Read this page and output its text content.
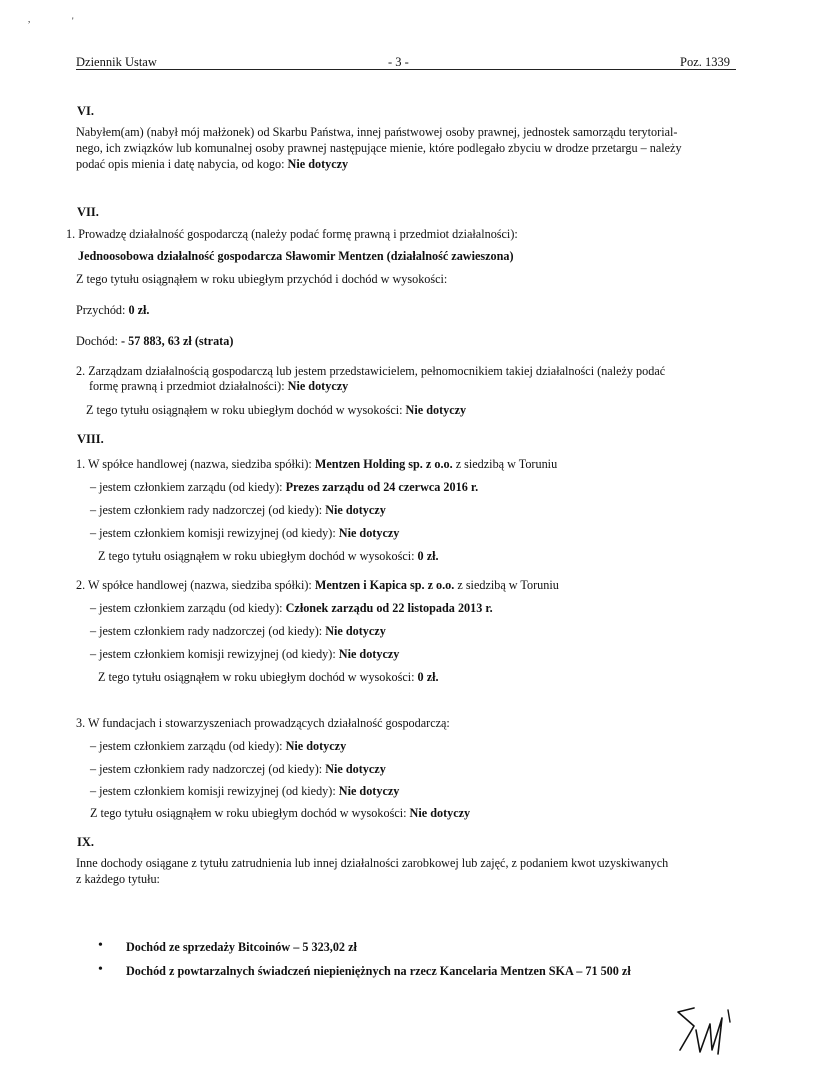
,	'
Dziennik Ustaw	- 3 -	Poz. 1339
VI.
Nabyłem(am) (nabył mój małżonek) od Skarbu Państwa, innej państwowej osoby prawnej, jednostek samorządu terytorial-
nego, ich związków lub komunalnej osoby prawnej następujące mienie, które podlegało zbyciu w drodze przetargu – należy
podać opis mienia i datę nabycia, od kogo: Nie dotyczy
VII.
1. Prowadzę działalność gospodarczą (należy podać formę prawną i przedmiot działalności):
Jednoosobowa działalność gospodarcza Sławomir Mentzen (działalność zawieszona)
Z tego tytułu osiągnąłem w roku ubiegłym przychód i dochód w wysokości:
Przychód: 0 zł.
Dochód: - 57 883, 63 zł (strata)
2. Zarządzam działalnością gospodarczą lub jestem przedstawicielem, pełnomocnikiem takiej działalności (należy podać
formę prawną i przedmiot działalności): Nie dotyczy
Z tego tytułu osiągnąłem w roku ubiegłym dochód w wysokości: Nie dotyczy
VIII.
1. W spółce handlowej (nazwa, siedziba spółki): Mentzen Holding sp. z o.o. z siedzibą w Toruniu
– jestem członkiem zarządu (od kiedy): Prezes zarządu od 24 czerwca 2016 r.
– jestem członkiem rady nadzorczej (od kiedy): Nie dotyczy
– jestem członkiem komisji rewizyjnej (od kiedy): Nie dotyczy
Z tego tytułu osiągnąłem w roku ubiegłym dochód w wysokości: 0 zł.
2. W spółce handlowej (nazwa, siedziba spółki): Mentzen i Kapica sp. z o.o. z siedzibą w Toruniu
– jestem członkiem zarządu (od kiedy): Członek zarządu od 22 listopada 2013 r.
– jestem członkiem rady nadzorczej (od kiedy): Nie dotyczy
– jestem członkiem komisji rewizyjnej (od kiedy): Nie dotyczy
Z tego tytułu osiągnąłem w roku ubiegłym dochód w wysokości: 0 zł.
3. W fundacjach i stowarzyszeniach prowadzących działalność gospodarczą:
– jestem członkiem zarządu (od kiedy): Nie dotyczy
– jestem członkiem rady nadzorczej (od kiedy): Nie dotyczy
– jestem członkiem komisji rewizyjnej (od kiedy): Nie dotyczy
Z tego tytułu osiągnąłem w roku ubiegłym dochód w wysokości: Nie dotyczy
IX.
Inne dochody osiągane z tytułu zatrudnienia lub innej działalności zarobkowej lub zajęć, z podaniem kwot uzyskiwanych
z każdego tytułu:
• Dochód ze sprzedaży Bitcoinów – 5 323,02 zł
• Dochód z powtarzalnych świadczeń niepieniężnych na rzecz Kancelaria Mentzen SKA – 71 500 zł
